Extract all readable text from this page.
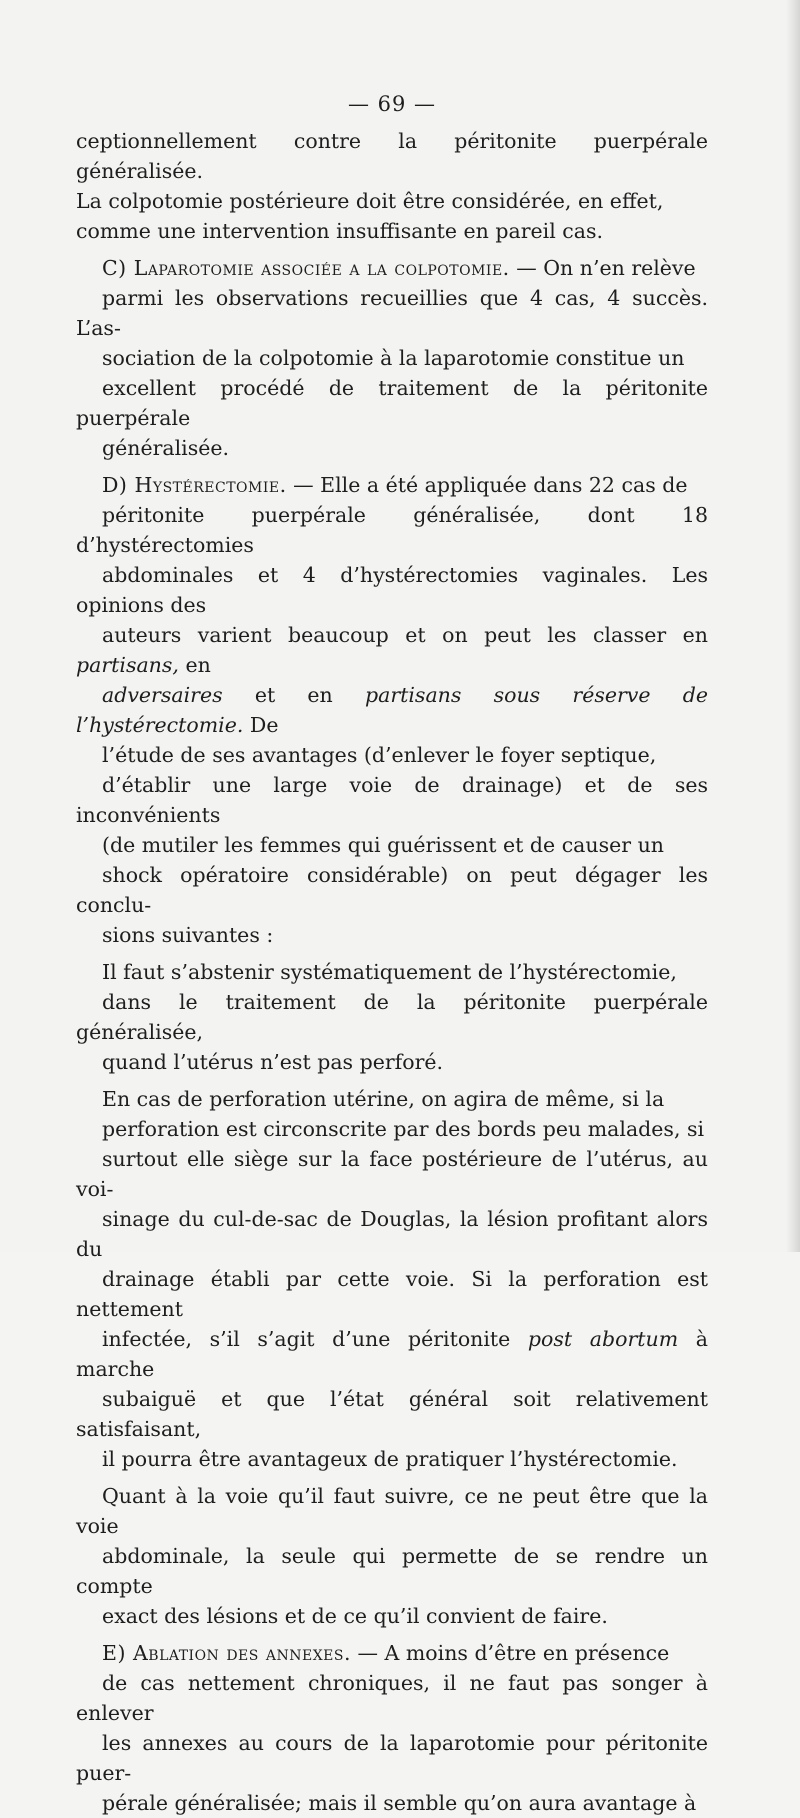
— 69 —

ceptionnellement contre la péritonite puerpérale généralisée.
La colpotomie postérieure doit être considérée, en effet,
comme une intervention insuffisante en pareil cas.

C) Laparotomie associée a la colpotomie. — On n’en relève
parmi les observations recueillies que 4 cas, 4 succès. L’as-
sociation de la colpotomie à la laparotomie constitue un
excellent procédé de traitement de la péritonite puerpérale
généralisée.

D) Hystérectomie. — Elle a été appliquée dans 22 cas de
péritonite puerpérale généralisée, dont 18 d’hystérectomies
abdominales et 4 d’hystérectomies vaginales. Les opinions des
auteurs varient beaucoup et on peut les classer en partisans, en
adversaires et en partisans sous réserve de l’hystérectomie. De
l’étude de ses avantages (d’enlever le foyer septique,
d’établir une large voie de drainage) et de ses inconvénients
(de mutiler les femmes qui guérissent et de causer un
shock opératoire considérable) on peut dégager les conclu-
sions suivantes :

Il faut s’abstenir systématiquement de l’hystérectomie,
dans le traitement de la péritonite puerpérale généralisée,
quand l’utérus n’est pas perforé.

En cas de perforation utérine, on agira de même, si la
perforation est circonscrite par des bords peu malades, si
surtout elle siège sur la face postérieure de l’utérus, au voi-
sinage du cul-de-sac de Douglas, la lésion profitant alors du
drainage établi par cette voie. Si la perforation est nettement
infectée, s’il s’agit d’une péritonite post abortum à marche
subaiguë et que l’état général soit relativement satisfaisant,
il pourra être avantageux de pratiquer l’hystérectomie.

Quant à la voie qu’il faut suivre, ce ne peut être que la voie
abdominale, la seule qui permette de se rendre un compte
exact des lésions et de ce qu’il convient de faire.

E) Ablation des annexes. — A moins d’être en présence
de cas nettement chroniques, il ne faut pas songer à enlever
les annexes au cours de la laparotomie pour péritonite puer-
pérale généralisée; mais il semble qu’on aura avantage à
